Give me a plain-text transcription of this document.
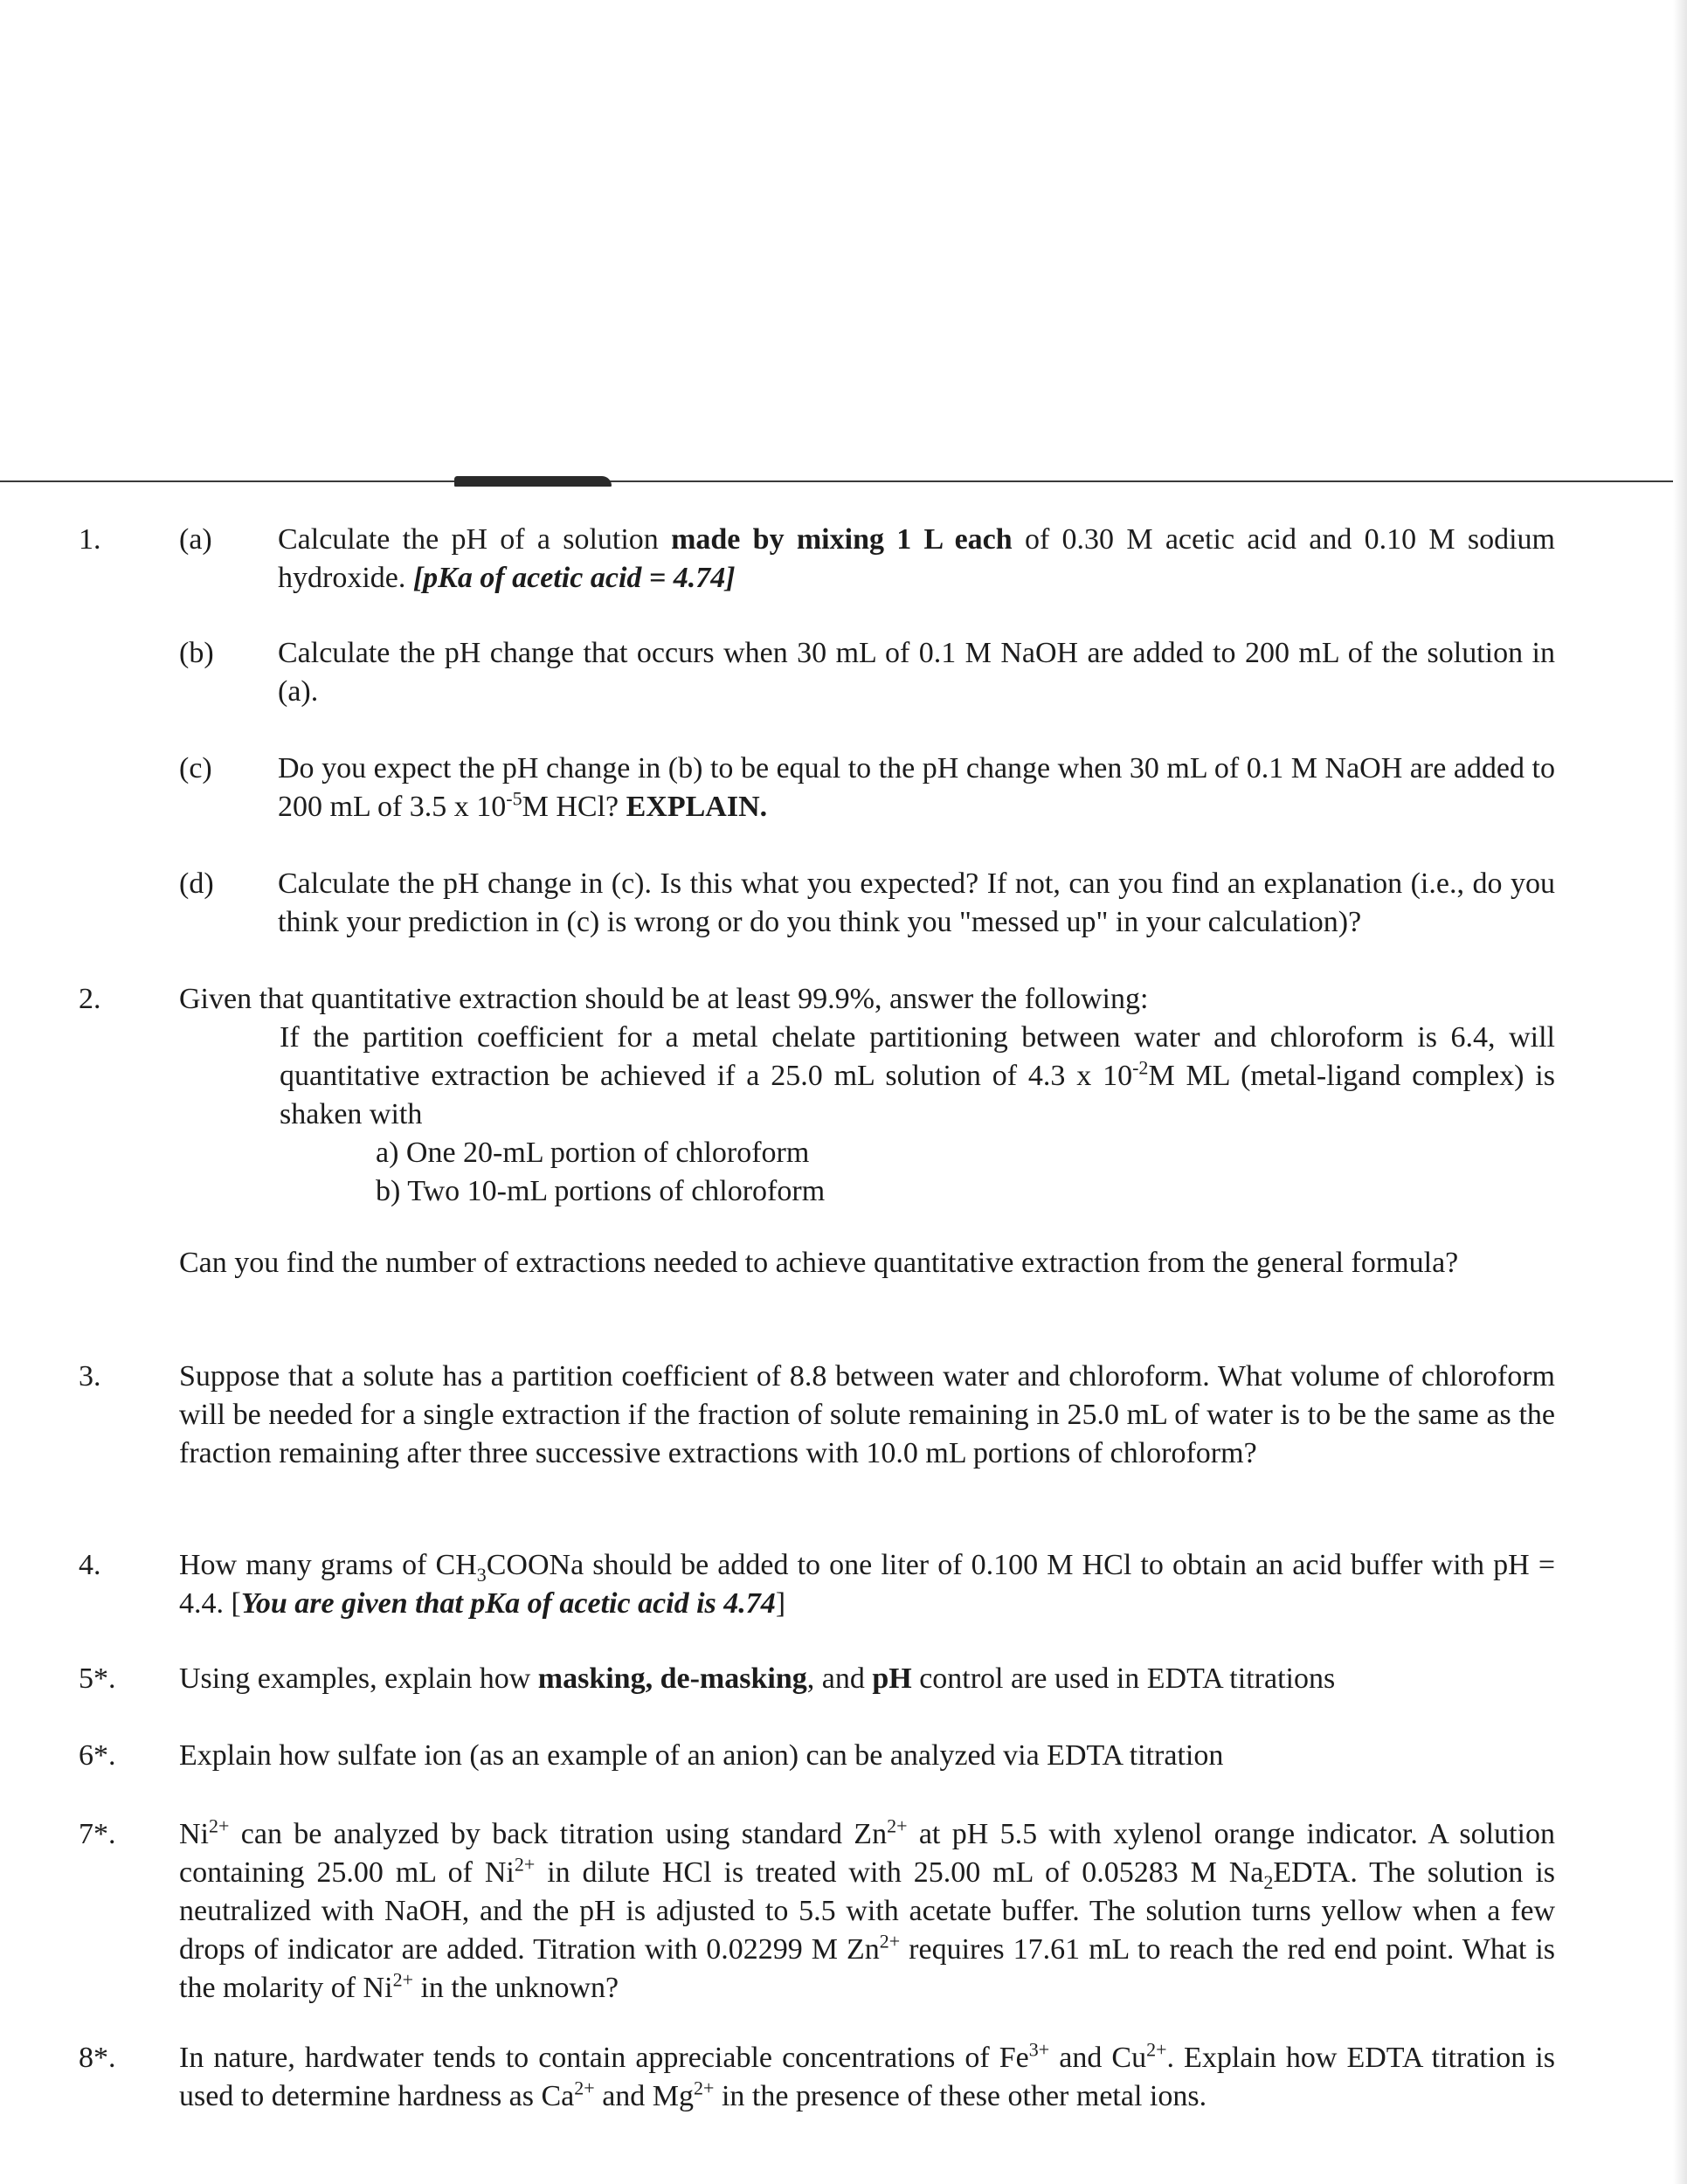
1.	(a) Calculate the pH of a solution made by mixing 1 L each of 0.30 M acetic acid and 0.10 M sodium hydroxide. [pKa of acetic acid = 4.74]
(b) Calculate the pH change that occurs when 30 mL of 0.1 M NaOH are added to 200 mL of the solution in (a).
(c) Do you expect the pH change in (b) to be equal to the pH change when 30 mL of 0.1 M NaOH are added to 200 mL of 3.5 x $10^{-5}M$ HCl? EXPLAIN.
(d) Calculate the pH change in (c). Is this what you expected? If not, can you find an explanation (i.e., do you think your prediction in (c) is wrong or do you think you "messed up" in your calculation)?
2.	Given that quantitative extraction should be at least 99.9%, answer the following:
If the partition coefficient for a metal chelate partitioning between water and chloroform is 6.4, will quantitative extraction be achieved if a 25.0 mL solution of 4.3 x $10^{-2}M$ ML (metal-ligand complex) is shaken with
a) One 20-mL portion of chloroform
b) Two 10-mL portions of chloroform
Can you find the number of extractions needed to achieve quantitative extraction from the general formula?
3.	Suppose that a solute has a partition coefficient of 8.8 between water and chloroform. What volume of chloroform will be needed for a single extraction if the fraction of solute remaining in 25.0 mL of water is to be the same as the fraction remaining after three successive extractions with 10.0 mL portions of chloroform?
4.	How many grams of $CH_3COONa$ should be added to one liter of 0.100 M HCl to obtain an acid buffer with pH = 4.4. [You are given that pKa of acetic acid is 4.74]
5*. Using examples, explain how masking, de-masking, and pH control are used in EDTA titrations
6*. Explain how sulfate ion (as an example of an anion) can be analyzed via EDTA titration
7*. $Ni^{2+}$ can be analyzed by back titration using standard $Zn^{2+}$ at pH 5.5 with xylenol orange indicator. A solution containing 25.00 mL of $Ni^{2+}$ in dilute HCl is treated with 25.00 mL of 0.05283 M $Na_2EDTA$. The solution is neutralized with NaOH, and the pH is adjusted to 5.5 with acetate buffer. The solution turns yellow when a few drops of indicator are added. Titration with 0.02299 M $Zn^{2+}$ requires 17.61 mL to reach the red end point. What is the molarity of $Ni^{2+}$ in the unknown?
8*. In nature, hardwater tends to contain appreciable concentrations of $Fe^{3+}$ and $Cu^{2+}$. Explain how EDTA titration is used to determine hardness as $Ca^{2+}$ and $Mg^{2+}$ in the presence of these other metal ions.
